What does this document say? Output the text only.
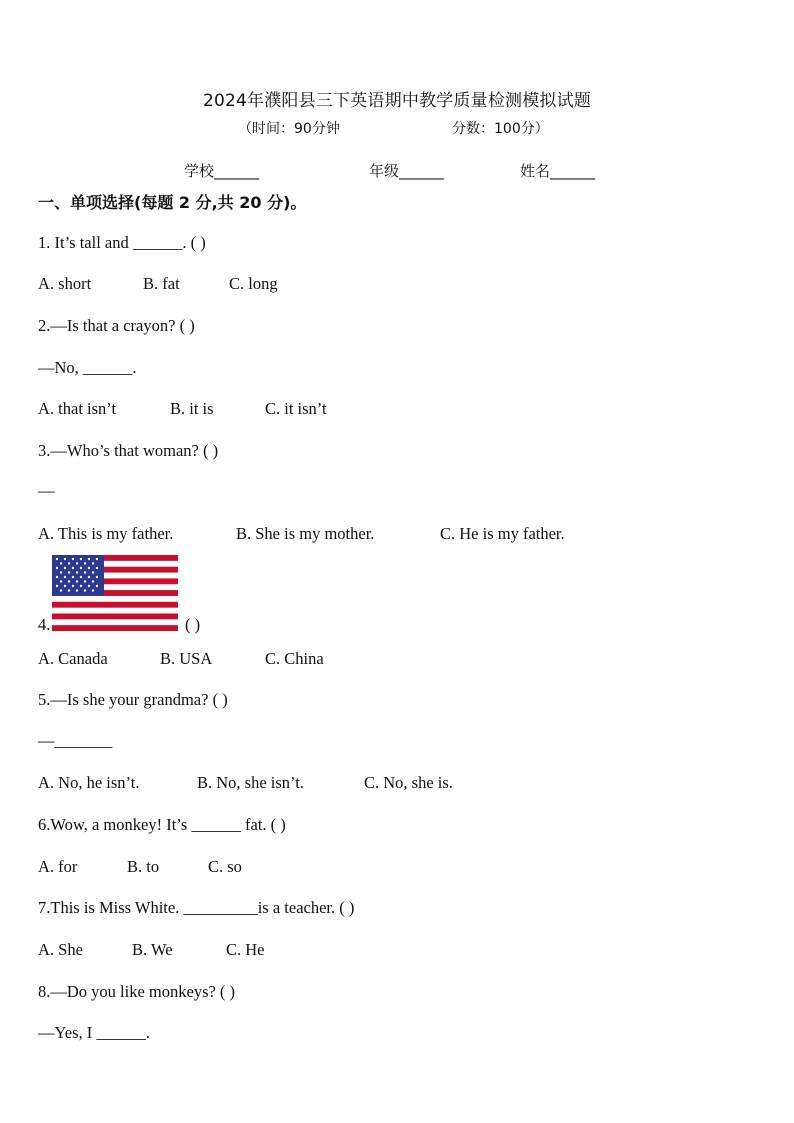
2024年濮阳县三下英语期中教学质量检测模拟试题
（时间：90分钟	分数：100分）
学校______	年级______	姓名______
一、单项选择(每题 2 分,共 20 分)。
1. It’s tall and ______. ( )
A. short	B. fat	C. long
2.—Is that a crayon? ( )
—No, ______.
A. that isn’t	B. it is	C. it isn’t
3.—Who’s that woman? ( )
—
A. This is my father.	B. She is my mother.	C. He is my father.
4.	( )
A. Canada	B. USA	C. China
5.—Is she your grandma? ( )
—_______
A. No, he isn’t.	B. No, she isn’t.	C. No, she is.
6.Wow, a monkey! It’s ______ fat. ( )
A. for	B. to	C. so
7.This is Miss White. _________is a teacher. ( )
A. She	B. We	C. He
8.—Do you like monkeys? ( )
—Yes, I ______.
